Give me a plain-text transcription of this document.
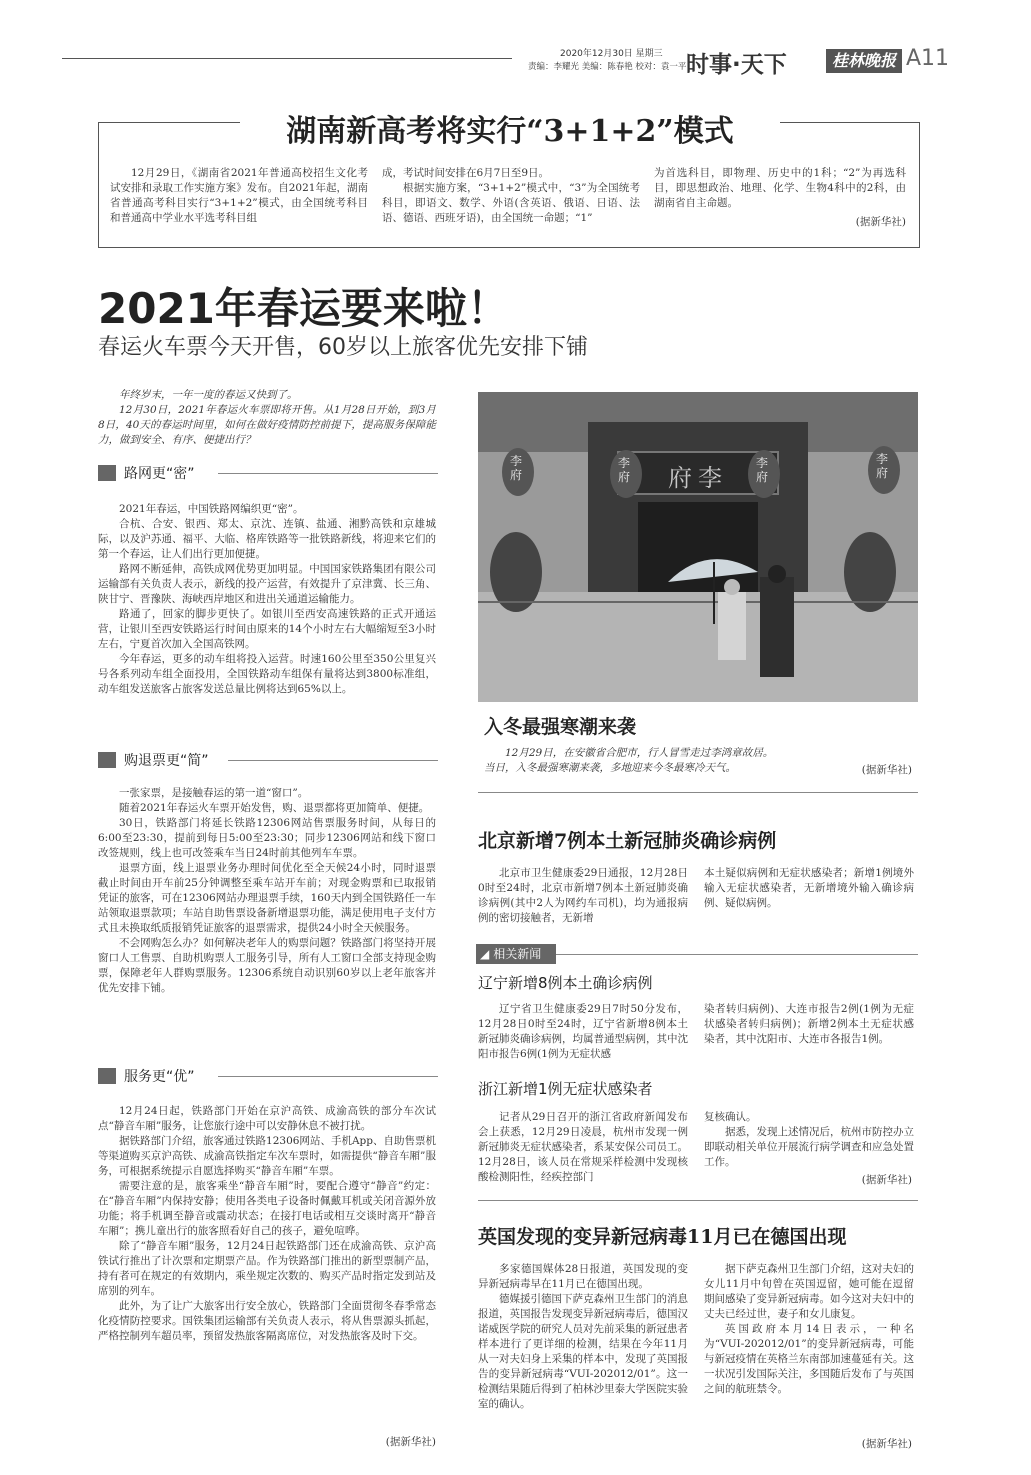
2020年12月30日 星期三
责编：李耀光 美编：陈春艳 校对：袁一平 时事·天下	桂林晚报 A11
湖南新高考将实行“3+1+2”模式

12月29日，《湖南省2021年普通高校招生文化考试安排和录取工作实施方案》发布。自2021年起，湖南省普通高考科目实行“3+1+2”模式，由全国统考科目和普通高中学业水平选考科目组

成，考试时间安排在6月7日至9日。

根据实施方案，“3+1+2”模式中，“3”为全国统考科目，即语文、数学、外语(含英语、俄语、日语、法语、德语、西班牙语)，由全国统一命题；“1”

为首选科目，即物理、历史中的1科；“2”为再选科目，即思想政治、地理、化学、生物4科中的2科，由湖南省自主命题。

(据新华社)
2021年春运要来啦！
春运火车票今天开售，60岁以上旅客优先安排下铺

年终岁末，一年一度的春运又快到了。

12月30日，2021年春运火车票即将开售。从1月28日开始，到3月8日，40天的春运时间里，如何在做好疫情防控前提下，提高服务保障能力，做到安全、有序、便捷出行？

路网更“密”

2021年春运，中国铁路网编织更“密”。

合杭、合安、银西、郑太、京沈、连镇、盐通、湘黔高铁和京雄城际，以及沪苏通、福平、大临、格库铁路等一批铁路新线，将迎来它们的第一个春运，让人们出行更加便捷。

路网不断延伸，高铁成网优势更加明显。中国国家铁路集团有限公司运输部有关负责人表示，新线的投产运营，有效提升了京津冀、长三角、陕甘宁、晋豫陕、海峡西岸地区和进出关通道运输能力。

路通了，回家的脚步更快了。如银川至西安高速铁路的正式开通运营，让银川至西安铁路运行时间由原来的14个小时左右大幅缩短至3小时左右，宁夏首次加入全国高铁网。

今年春运，更多的动车组将投入运营。时速160公里至350公里复兴号各系列动车组全面投用，全国铁路动车组保有量将达到3800标准组，动车组发送旅客占旅客发送总量比例将达到65%以上。

购退票更“简”

一张家票，是接触春运的第一道“窗口”。

随着2021年春运火车票开始发售，购、退票都将更加简单、便捷。

30日，铁路部门将延长铁路12306网站售票服务时间，从每日的6:00至23:30，提前到每日5:00至23:30；同步12306网站和线下窗口改签规则，线上也可改签乘车当日24时前其他列车车票。

退票方面，线上退票业务办理时间优化至全天候24小时，同时退票截止时间由开车前25分钟调整至乘车站开车前；对现金购票和已取报销凭证的旅客，可在12306网站办理退票手续，160天内到全国铁路任一车站领取退票款项；车站自助售票设备新增退票功能，满足使用电子支付方式且未换取纸质报销凭证旅客的退票需求，提供24小时全天候服务。

不会网购怎么办？如何解决老年人的购票问题？铁路部门将坚持开展窗口人工售票、自助机购票人工服务引导，所有人工窗口全部支持现金购票，保障老年人群购票服务。12306系统自动识别60岁以上老年旅客并优先安排下铺。

服务更“优”

12月24日起，铁路部门开始在京沪高铁、成渝高铁的部分车次试点“静音车厢”服务，让您旅行途中可以安静休息不被打扰。

据铁路部门介绍，旅客通过铁路12306网站、手机App、自助售票机等渠道购买京沪高铁、成渝高铁指定车次车票时，如需提供“静音车厢”服务，可根据系统提示自愿选择购买“静音车厢”车票。

需要注意的是，旅客乘坐“静音车厢”时，要配合遵守“静音”约定：在“静音车厢”内保持安静；使用各类电子设备时佩戴耳机或关闭音源外放功能；将手机调至静音或震动状态；在接打电话或相互交谈时离开“静音车厢”；携儿童出行的旅客照看好自己的孩子，避免喧哗。

除了“静音车厢”服务，12月24日起铁路部门还在成渝高铁、京沪高铁试行推出了计次票和定期票产品。作为铁路部门推出的新型票制产品，持有者可在规定的有效期内，乘坐规定次数的、购买产品时指定发到站及席别的列车。

此外，为了让广大旅客出行安全放心，铁路部门全面贯彻冬春季常态化疫情防控要求。国铁集团运输部有关负责人表示，将从售票源头抓起，严格控制列车超员率，预留发热旅客隔离席位，对发热旅客及时下交。

(据新华社)
府李
李府
李府
李府
李府
入冬最强寒潮来袭

12月29日，在安徽省合肥市，行人冒雪走过李鸿章故居。

当日，入冬最强寒潮来袭，多地迎来今冬最寒冷天气。	(据新华社)
北京新增7例本土新冠肺炎确诊病例

北京市卫生健康委29日通报，12月28日0时至24时，北京市新增7例本土新冠肺炎确诊病例(其中2人为网约车司机)，均为通报病例的密切接触者，无新增

本土疑似病例和无症状感染者；新增1例境外输入无症状感染者，无新增境外输入确诊病例、疑似病例。

◢ 相关新闻
辽宁新增8例本土确诊病例

辽宁省卫生健康委29日7时50分发布，12月28日0时至24时，辽宁省新增8例本土新冠肺炎确诊病例，均属普通型病例，其中沈阳市报告6例(1例为无症状感

染者转归病例)、大连市报告2例(1例为无症状感染者转归病例)；新增2例本土无症状感染者，其中沈阳市、大连市各报告1例。

浙江新增1例无症状感染者

记者从29日召开的浙江省政府新闻发布会上获悉，12月29日凌晨，杭州市发现一例新冠肺炎无症状感染者，系某安保公司员工。12月28日，该人员在常规采样检测中发现核酸检测阳性，经疾控部门

复核确认。

据悉，发现上述情况后，杭州市防控办立即联动相关单位开展流行病学调查和应急处置工作。

(据新华社)
英国发现的变异新冠病毒11月已在德国出现

多家德国媒体28日报道，英国发现的变异新冠病毒早在11月已在德国出现。

德媒援引德国下萨克森州卫生部门的消息报道，英国报告发现变异新冠病毒后，德国汉诺威医学院的研究人员对先前采集的新冠患者样本进行了更详细的检测，结果在今年11月从一对夫妇身上采集的样本中，发现了英国报告的变异新冠病毒“VUI-202012/01”。这一检测结果随后得到了柏林沙里泰大学医院实验室的确认。

据下萨克森州卫生部门介绍，这对夫妇的女儿11月中旬曾在英国逗留，她可能在逗留期间感染了变异新冠病毒。如今这对夫妇中的丈夫已经过世，妻子和女儿康复。

英国政府本月14日表示，一种名为“VUI-202012/01”的变异新冠病毒，可能与新冠疫情在英格兰东南部加速蔓延有关。这一状况引发国际关注，多国随后发布了与英国之间的航班禁令。

(据新华社)
